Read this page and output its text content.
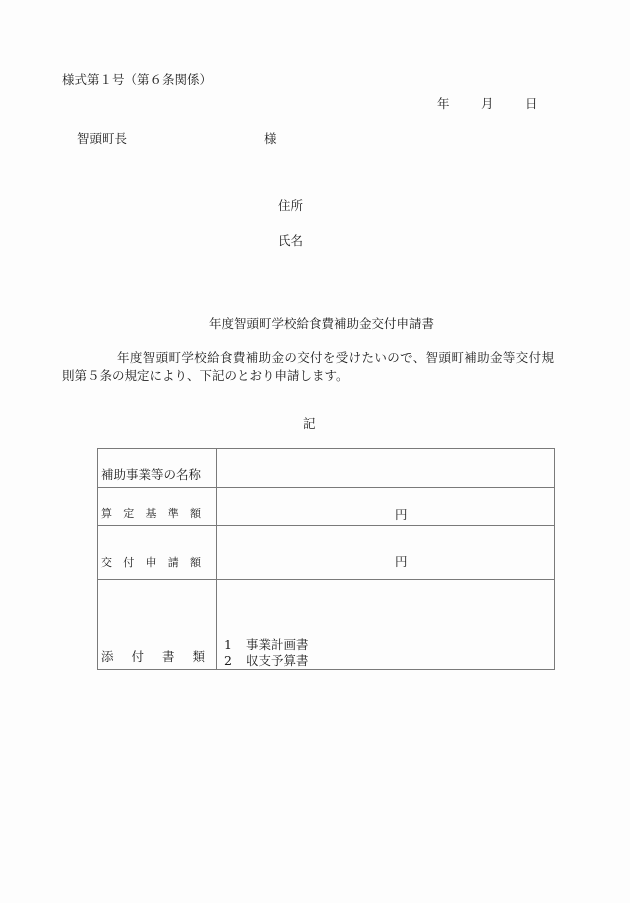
様式第１号（第６条関係）
年	月	日
智頭町長	様
住所
氏名
年度智頭町学校給食費補助金交付申請書
年度智頭町学校給食費補助金の交付を受けたいので、智頭町補助金等交付規則第５条の規定により、下記のとおり申請します。
記
補助事業等の名称	

算 定 基 準 額	円

交 付 申 請 額	円

添 付 書 類

1 事業計画書
2 収支予算書
